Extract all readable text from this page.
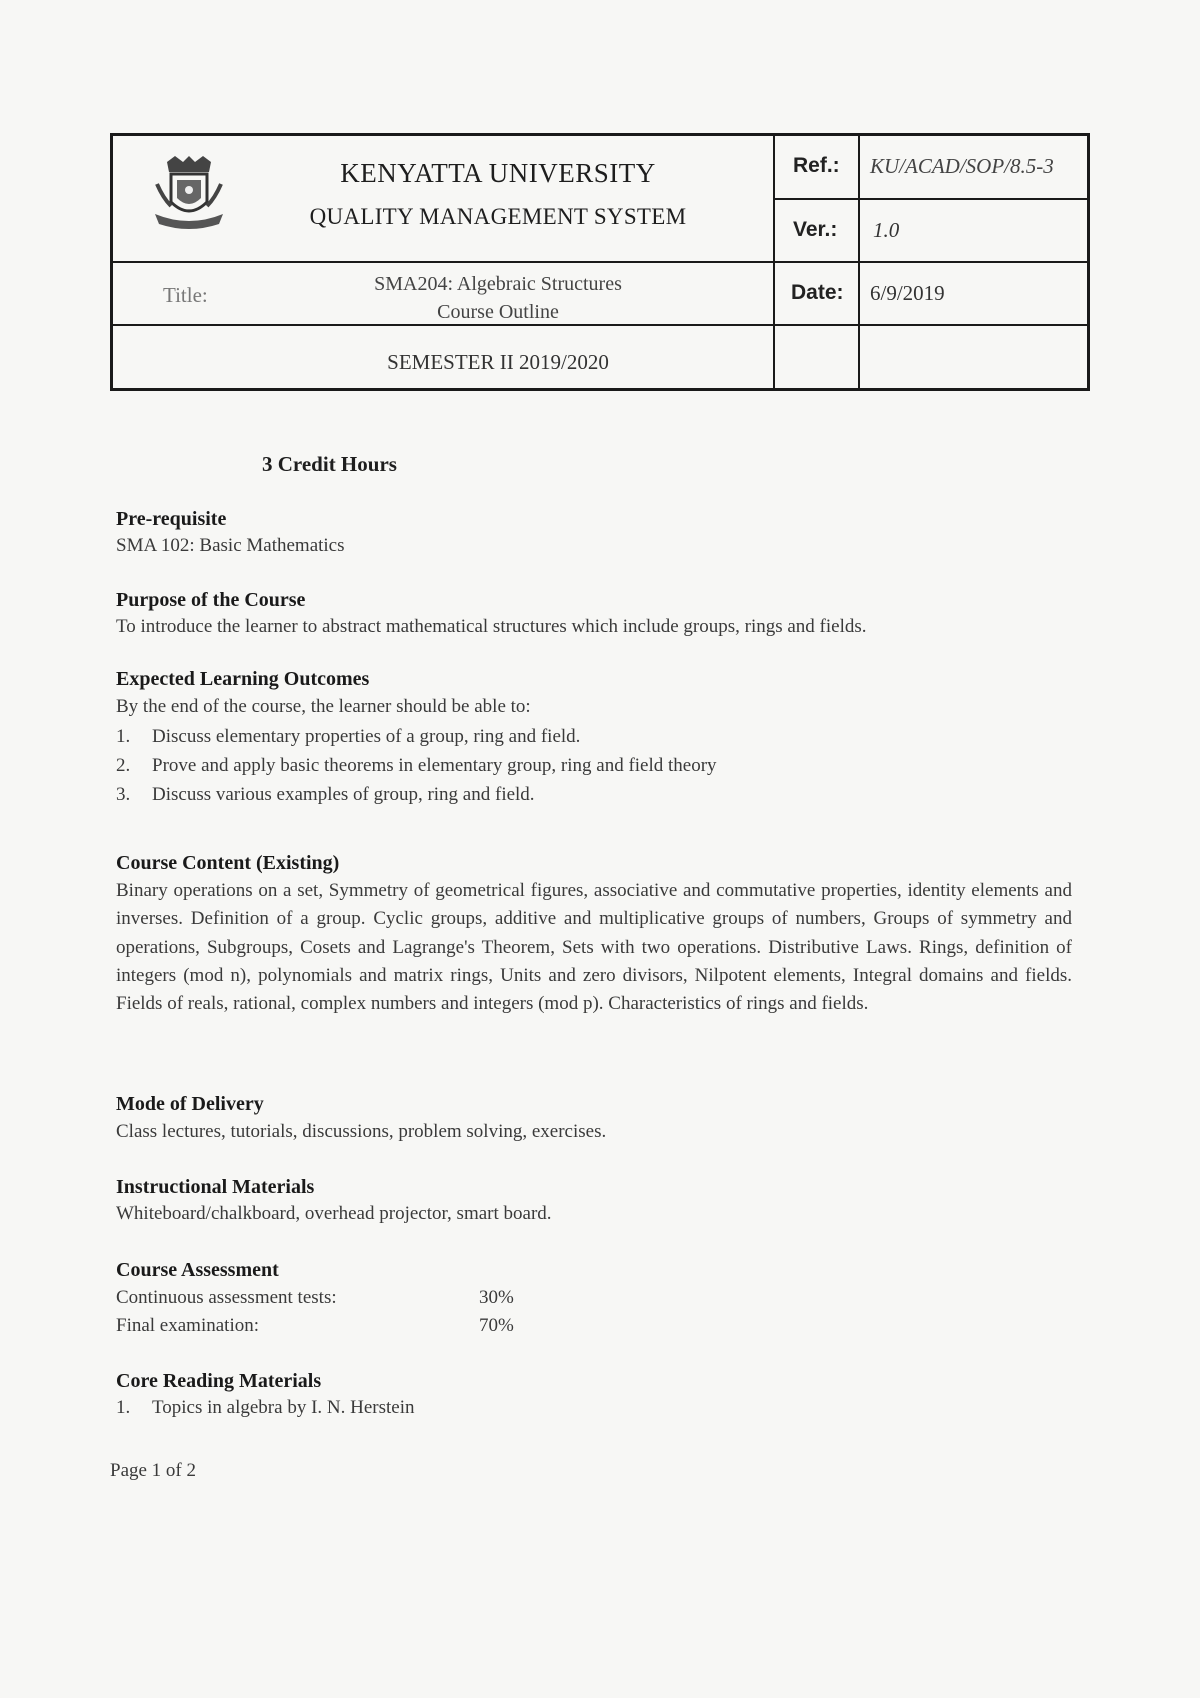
KENYATTA UNIVERSITY
QUALITY MANAGEMENT SYSTEM
Ref.: KU/ACAD/SOP/8.5-3
Ver.: 1.0
Title:	SMA204: Algebraic Structures
Course Outline
Date: 6/9/2019
SEMESTER II 2019/2020
3 Credit Hours
Pre-requisite
SMA 102: Basic Mathematics
Purpose of the Course
To introduce the learner to abstract mathematical structures which include groups, rings and fields.
Expected Learning Outcomes
By the end of the course, the learner should be able to:
1. Discuss elementary properties of a group, ring and field.
2. Prove and apply basic theorems in elementary group, ring and field theory
3. Discuss various examples of group, ring and field.
Course Content (Existing)
Binary operations on a set, Symmetry of geometrical figures, associative and commutative properties, identity elements and inverses. Definition of a group. Cyclic groups, additive and multiplicative groups of numbers, Groups of symmetry and operations, Subgroups, Cosets and Lagrange's Theorem, Sets with two operations. Distributive Laws. Rings, definition of integers (mod n), polynomials and matrix rings, Units and zero divisors, Nilpotent elements, Integral domains and fields. Fields of reals, rational, complex numbers and integers (mod p). Characteristics of rings and fields.
Mode of Delivery
Class lectures, tutorials, discussions, problem solving, exercises.
Instructional Materials
Whiteboard/chalkboard, overhead projector, smart board.
Course Assessment
Continuous assessment tests:	30%
Final examination:	70%
Core Reading Materials
1. Topics in algebra by I. N. Herstein
Page 1 of 2
